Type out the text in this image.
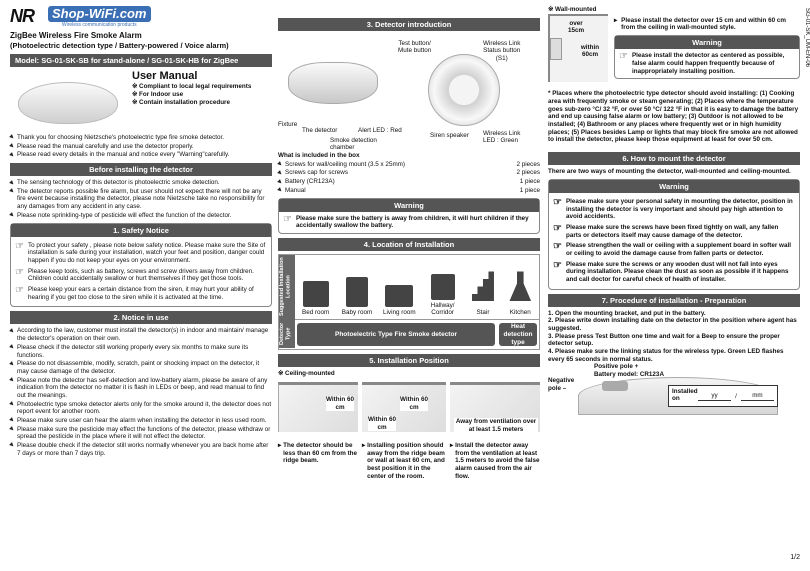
NR	Shop-WiFi.com
Wireless communication products
ZigBee Wireless Fire Smoke Alarm
(Photoelectric detection type / Battery-powered / Voice alarm)
Model: SG-01-SK-SB for stand-alone / SG-01-SK-HB for ZigBee
User Manual
※ Compliant to local legal requirements
※ For Indoor use
※ Contain installation procedure
Thank you for choosing Nietzsche's photoelectric type fire smoke detector.
Please read the manual carefully and use the detector properly.
Please read every details in the manual and notice every "Warning"carefully.
Before installing the detector
The sensing technology of this detector is photoelectric smoke detection.
The detector reports possible fire alarm, but user should not expect there will not be any fire event because installing the detector, please note Nietzsche take no responsibility for any damages from any accident in any case.
Please note sprinkling-type of pesticide will effect the function of the detector.
1. Safety Notice
☞ To protect your safety , please note below safety notice. Please make sure the Site of installation is safe during your installation, watch your feet and position, danger could happen if you do not keep your eyes on your environment.
☞ Please keep tools, such as battery, screws and screw drivers away from children. Children could accidentally swallow or hurt themselves if they get those tools.
☞ Please keep your ears a certain distance from the siren, it may hurt your ability of hearing if you get too close to the siren while it is activated at the time.
2. Notice in use
According to the law, customer must install the detector(s) in indoor and maintain/ manage the detector's operation on their own.
Please check if the detector still working properly every six months to make sure its functions.
Please do not disassemble, modify, scratch, paint or shocking impact on the detector, it may cause damage of the detector.
Please note the detector has self-detection and low-battery alarm, please be aware of any indication from the detector no matter it is flash in LEDs or beep, and read manual to find out the meanings.
Photoelectric type smoke detector alerts only for the smoke around it, the detector does not report event for another room.
Please make sure user can hear the alarm when installing the detector in less used room.
Please make sure the pesticide may effect the functions of the detector, please withdraw or spread the pesticide in the place where it will not effect the detector.
Please double check if the detector still works normally whenever you are back home after 7 days or more than 7 days trip.
3. Detector introduction
Test button/
Mute button
Wireless Link
Status button
(S1)
Fixture
The detector	Alert LED : Red
Smoke detection
chamber
Siren speaker Wireless Link
LED : Green
What is included in the box
Screws for wall/ceiling mount (3.5 x 25mm)	2 pieces
Screws cap for screws	2 pieces
Battery (CR123A)	1 piece
Manual	1 piece
Warning
☞ Please make sure the battery is away from children, it will hurt children if they accidentally swallow the battery.
4. Location of Installation
Suggested Installation Location
Detector Type
Bed room	Baby room Living room
Hallway/ Corridor	Stair	Kitchen
Photoelectric Type Fire Smoke detector
Heat detection type
5. Installation Position
※ Ceiling-mounted
Within 60 cm
Within 60 cm
Within 60 cm
Away from ventilation over at least 1.5 meters
▸ The detector should be less than 60 cm from the ridge beam.
▸ Installing position should away from the ridge beam or wall at least 60 cm, and best position it in the center of the room.
▸ Install the detector away from the ventilation at least 1.5 meters to avoid the false alarm caused from the air flow.
※ Wall-mounted
over 15cm
within 60cm
▸ Please install the detector over 15 cm and within 60 cm from the ceiling in wall-mounted style.
Warning
☞ Please install the detector as centered as possible, false alarm could happen frequently because of inappropriately installing position.
* Places where the photoelectric type detector should avoid installing: (1) Cooking area with frequently smoke or steam generating; (2) Places where the temperature goes sub-zero °C/ 32 °F, or over 50 °C/ 122 °F in that it is easy to damage the battery and end up causing false alarm or low battery; (3) Outdoor is not allowed to be installed; (4) Bathroom or any places where frequently wet or in high humidity places; (5) Places besides Lamp or lights that may block fire smoke are not allowed to install the detector, please keep those equipment at least for over 50 cm.
6. How to mount the detector
There are two ways of mounting the detector, wall-mounted and ceiling-mounted.
Warning
☞ Please make sure your personal safety in mounting the detector, position in installing the detector is very important and should pay high attention to avoid accidents.
☞ Please make sure the screws have been fixed tightly on wall, any fallen parts or detectors itself may cause damage of the detector.
☞ Please strengthen the wall or ceiling with a supplement board in softer wall or ceiling to avoid the damage cause from fallen parts or detector.
☞ Please make sure the screws or any wooden dust will not fall into eyes during installation. Please clean the dust as soon as possible if it happens and call doctor for careful check of health of installer.
7. Procedure of installation - Preparation
1. Open the mounting bracket, and put in the battery.
2. Please write down installing date on the detector in the position where agent has suggested.
3. Please press Test Button one time and wait for a Beep to ensure the proper detector setup.
4. Please make sure the linking status for the wireless type. Green LED flashes every 65 seconds in normal status.
Positive pole +
Battery model: CR123A
Negative pole –	Installed on	yy	/	mm
SG-01-SK_UM-EN-06
1/2
